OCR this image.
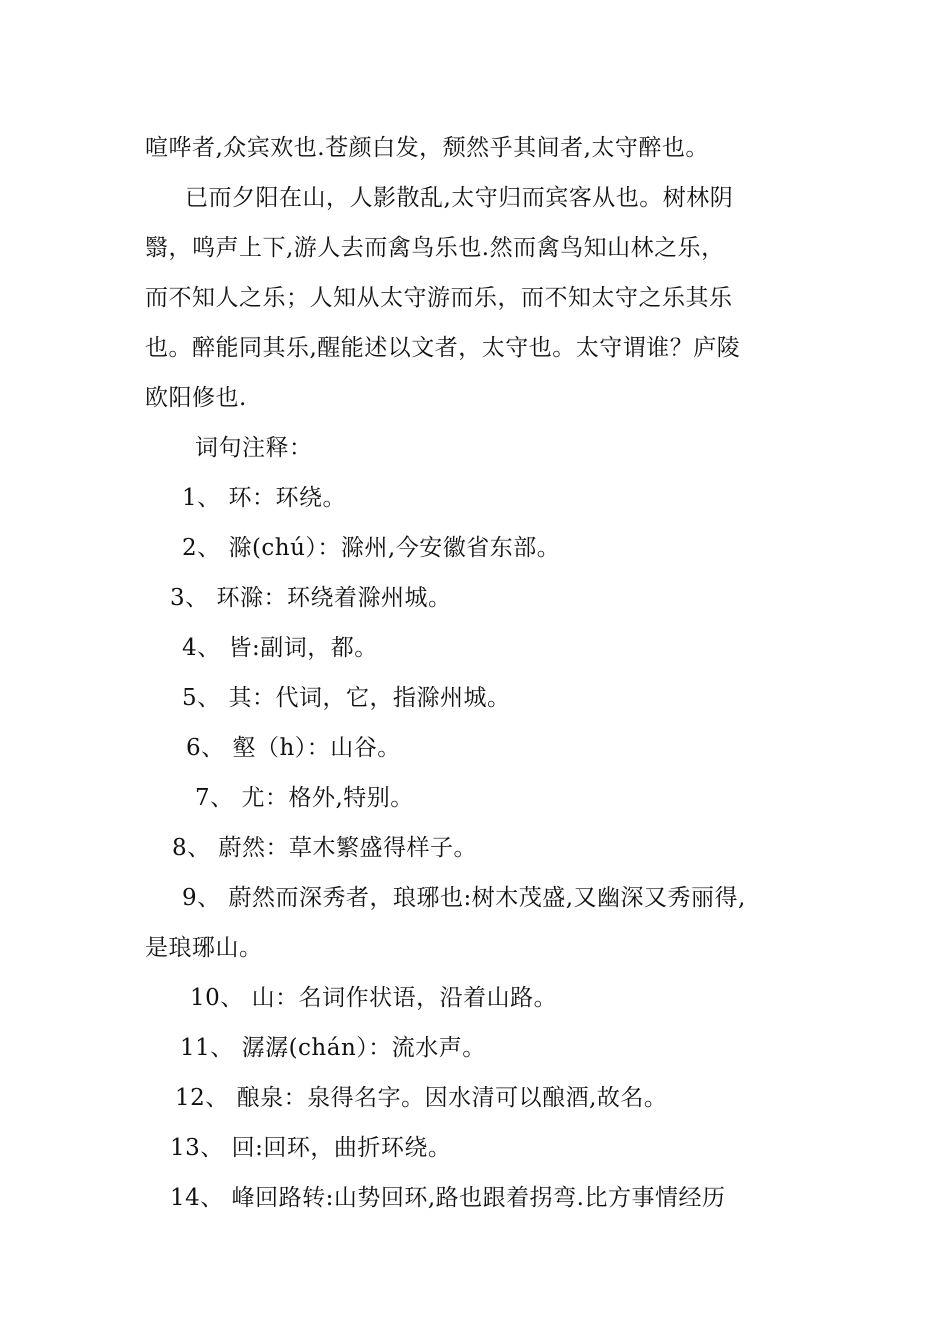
喧哗者,众宾欢也.苍颜白发，颓然乎其间者,太守醉也。
已而夕阳在山，人影散乱,太守归而宾客从也。树林阴
翳，鸣声上下,游人去而禽鸟乐也.然而禽鸟知山林之乐，
而不知人之乐；人知从太守游而乐，而不知太守之乐其乐
也。醉能同其乐,醒能述以文者，太守也。太守谓谁？庐陵
欧阳修也.
词句注释：
1、 环：环绕。
2、 滁(chú）：滁州,今安徽省东部。
3、 环滁：环绕着滁州城。
4、 皆:副词，都。
5、 其：代词，它，指滁州城。
6、 壑（h）：山谷。
7、 尤：格外,特别。
8、 蔚然：草木繁盛得样子。
9、 蔚然而深秀者，琅琊也:树木茂盛,又幽深又秀丽得,
是琅琊山。
10、 山：名词作状语，沿着山路。
11、 潺潺(chán）：流水声。
12、 酿泉：泉得名字。因水清可以酿酒,故名。
13、 回:回环，曲折环绕。
14、 峰回路转:山势回环,路也跟着拐弯.比方事情经历
